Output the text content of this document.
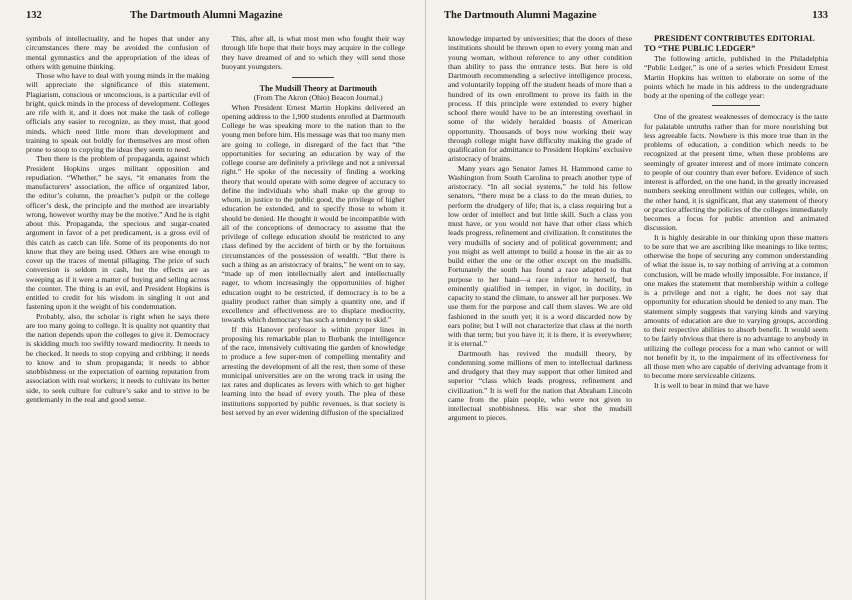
132	The Dartmouth Alumni Magazine

symbols of intellectuality, and he hopes that under any circumstances there may be avoided the confusion of mental gymnastics and the appropriation of the ideas of others with genuine thinking.

Those who have to deal with young minds in the making will appreciate the significance of this statement. Plagiarism, conscious or unconscious, is a particular evil of bright, quick minds in the process of development. Colleges are rife with it, and it does not make the task of college officials any easier to recognize, as they must, that good minds, which need little more than development and training to speak out boldly for themselves are most often prone to stoop to copying the ideas they seem to need.

Then there is the problem of propaganda, against which President Hopkins urges militant opposition and repudiation. “Whether,” he says, “it emanates from the manufacturers’ association, the office of organized labor, the editor’s column, the preacher’s pulpit or the college officer’s desk, the principle and the method are invariably wrong, however worthy may be the motive.” And he is right about this. Propaganda, the specious and sugar-coated argument in favor of a pet predicament, is a gross evil of this catch as catch can life. Some of its proponents do not know that they are being used. Others are wise enough to cover up the traces of mental pillaging. The price of such conversion is seldom in cash, but the effects are as sweeping as if it were a matter of buying and selling across the counter. The thing is an evil, and President Hopkins is entitled to credit for his wisdom in singling it out and fastening upon it the weight of his condemnation.

Probably, also, the scholar is right when he says there are too many going to college. It is quality not quantity that the nation depends upon the colleges to give it. Democracy is skidding much too swiftly toward mediocrity. It needs to be checked. It needs to stop copying and cribbing; it needs to know and to shun propaganda; it needs to abhor snobbishness or the expectation of earning reputation from association with real workers; it needs to cultivate its better side, to seek culture for culture’s sake and to strive to be gentlemanly in the real and good sense.

This, after all, is what most men who fought their way through life hope that their boys may acquire in the college they have dreamed of and to which they will send those buoyant youngsters.

The Mudsill Theory at Dartmouth

(From The Akron (Ohio) Beacon Journal.)

When President Ernest Martin Hopkins delivered an opening address to the 1,900 students enrolled at Dartmouth College he was speaking more to the nation than to the young men before him. His message was that too many men are going to college, in disregard of the fact that “the opportunities for securing an education by way of the college course are definitely a privilege and not a universal right.” He spoke of the necessity of finding a working theory that would operate with some degree of accuracy to define the individuals who shall make up the group to whom, in justice to the public good, the privilege of higher education be extended, and to specify those to whom it should be denied. He thought it would be incompatible with all of the conceptions of democracy to assume that the privilege of college education should be restricted to any class defined by the accident of birth or by the fortuitous circumstances of the possession of wealth. “But there is such a thing as an aristocracy of brains,” he went on to say, “made up of men intellectually alert and intellectually eager, to whom increasingly the opportunities of higher education ought to be restricted, if democracy is to be a quality product rather than simply a quantity one, and if excellence and effectiveness are to displace mediocrity, towards which democracy has such a tendency to skid.”

If this Hanover professor is within proper lines in proposing his remarkable plan to Burbank the intelligence of the race, intensively cultivating the garden of knowledge to produce a few super-men of compelling mentality and arresting the development of all the rest, then some of these municipal universities are on the wrong track in using the tax rates and duplicates as levers with which to get higher learning into the head of every youth. The plea of these institutions supported by public revenues, is that society is best served by an ever widening diffusion of the specialized

The Dartmouth Alumni Magazine	133

knowledge imparted by universities; that the doors of these institutions should be thrown open to every young man and young woman, without reference to any other condition than ability to pass the entrance tests. But here is old Dartmouth recommending a selective intelligence process, and voluntarily lopping off the student heads of more than a hundred of its own enrollment to prove its faith in the process. If this principle were extended to every higher school there would have to be an interesting overhaul in some of the widely heralded boasts of American opportunity. Thousands of boys now working their way through college might have difficulty making the grade of qualification for admittance to President Hopkins’ exclusive aristocracy of brains.

Many years ago Senator James H. Hammond came to Washington from South Carolina to preach another type of aristocracy. “In all social systems,” he told his fellow senators, “there must be a class to do the mean duties, to perform the drudgery of life; that is, a class requiring but a low order of intellect and but little skill. Such a class you must have, or you would not have that other class which leads progress, refinement and civilization. It constitutes the very mudsills of society and of political government; and you might as well attempt to build a house in the air as to build either the one or the other except on the mudsills. Fortunately the south has found a race adapted to that purpose to her hand—a race inferior to herself, but eminently qualified in temper, in vigor, in docility, in capacity to stand the climate, to answer all her purposes. We use them for the purpose and call them slaves. We are old fashioned in the south yet; it is a word discarded now by ears polite; but I will not characterize that class at the north with that term; but you have it; it is there, it is everywhere; it is eternal.”

Dartmouth has revived the mudsill theory, by condemning some millions of men to intellectual darkness and drudgery that they may support that other limited and superior “class which leads progress, refinement and civilization.” It is well for the nation that Abraham Lincoln came from the plain people, who were not given to intellectual snobbishness. His war shot the mudsill argument to pieces.

PRESIDENT CONTRIBUTES EDITORIAL TO “THE PUBLIC LEDGER”

The following article, published in the Philadelphia “Public Ledger,” is one of a series which President Ernest Martin Hopkins has written to elaborate on some of the points which he made in his address to the undergraduate body at the opening of the college year:

One of the greatest weaknesses of democracy is the taste for palatable untruths rather than for more nourishing but less agreeable facts. Nowhere is this more true than in the problems of education, a condition which needs to be recognized at the present time, when these problems are seemingly of greater interest and of more intimate concern to people of our country than ever before. Evidence of such interest is afforded, on the one hand, in the greatly increased numbers seeking enrollment within our colleges, while, on the other hand, it is significant, that any statement of theory or practice affecting the policies of the colleges immediately becomes a focus for public attention and animated discussion.

It is highly desirable in our thinking upon these matters to be sure that we are ascribing like meanings to like terms; otherwise the hope of securing any common understanding of what the issue is, to say nothing of arriving at a common conclusion, will be made wholly impossible. For instance, if one makes the statement that membership within a college is a privilege and not a right, he does not say that opportunity for education should be denied to any man. The statement simply suggests that varying kinds and varying amounts of education are due to varying groups, according to their respective abilities to absorb benefit. It would seem to be fairly obvious that there is no advantage to anybody in utilizing the college process for a man who cannot or will not benefit by it, to the impairment of its effectiveness for all those men who are capable of deriving advantage from it to become more serviceable citizens.

It is well to bear in mind that we have
